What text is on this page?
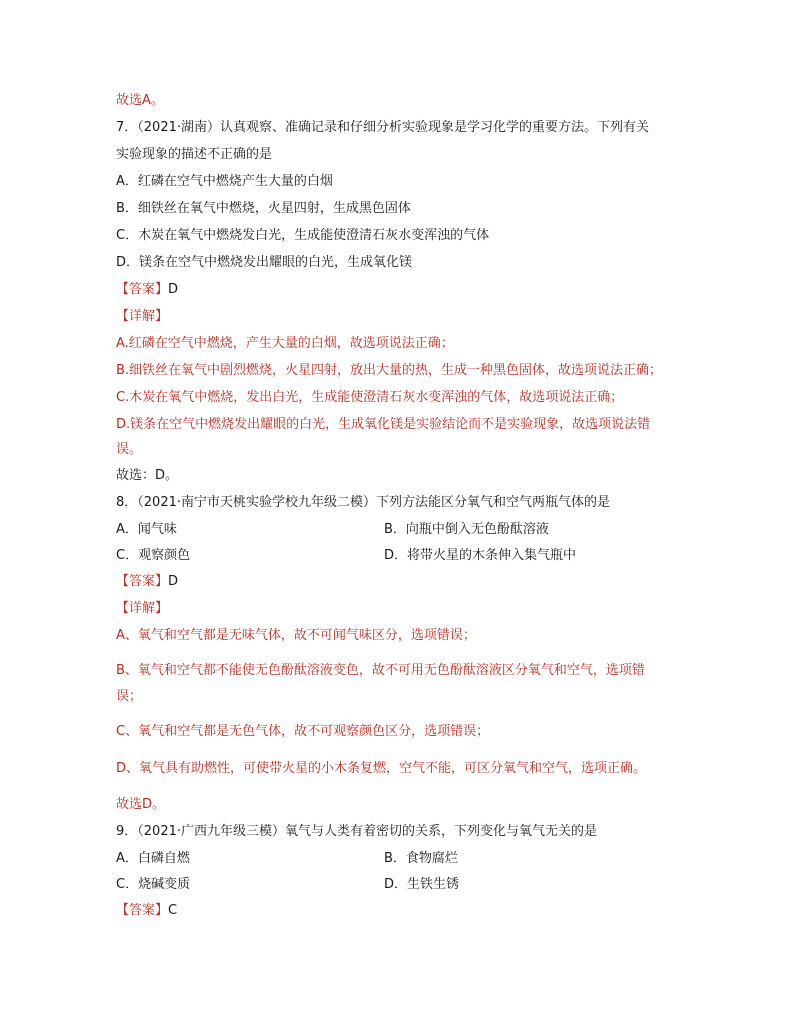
故选A。
7．（2021·湖南）认真观察、准确记录和仔细分析实验现象是学习化学的重要方法。下列有关
实验现象的描述不正确的是
A．红磷在空气中燃烧产生大量的白烟
B．细铁丝在氧气中燃烧，火星四射，生成黑色固体
C．木炭在氧气中燃烧发白光，生成能使澄清石灰水变浑浊的气体
D．镁条在空气中燃烧发出耀眼的白光，生成氧化镁
【答案】D
【详解】
A.红磷在空气中燃烧，产生大量的白烟，故选项说法正确；
B.细铁丝在氧气中剧烈燃烧，火星四射，放出大量的热，生成一种黑色固体，故选项说法正确；
C.木炭在氧气中燃烧，发出白光，生成能使澄清石灰水变浑浊的气体，故选项说法正确；
D.镁条在空气中燃烧发出耀眼的白光，生成氧化镁是实验结论而不是实验现象，故选项说法错
误。
故选：D。
8．（2021·南宁市天桃实验学校九年级二模）下列方法能区分氧气和空气两瓶气体的是
A．闻气味	B．向瓶中倒入无色酚酞溶液
C．观察颜色	D．将带火星的木条伸入集气瓶中
【答案】D
【详解】
A、氧气和空气都是无味气体，故不可闻气味区分，选项错误；
B、氧气和空气都不能使无色酚酞溶液变色，故不可用无色酚酞溶液区分氧气和空气，选项错
误；
C、氧气和空气都是无色气体，故不可观察颜色区分，选项错误；
D、氧气具有助燃性，可使带火星的小木条复燃，空气不能，可区分氧气和空气，选项正确。
故选D。
9．（2021·广西九年级三模）氧气与人类有着密切的关系，下列变化与氧气无关的是
A．白磷自燃	B．食物腐烂
C．烧碱变质	D．生铁生锈
【答案】C
